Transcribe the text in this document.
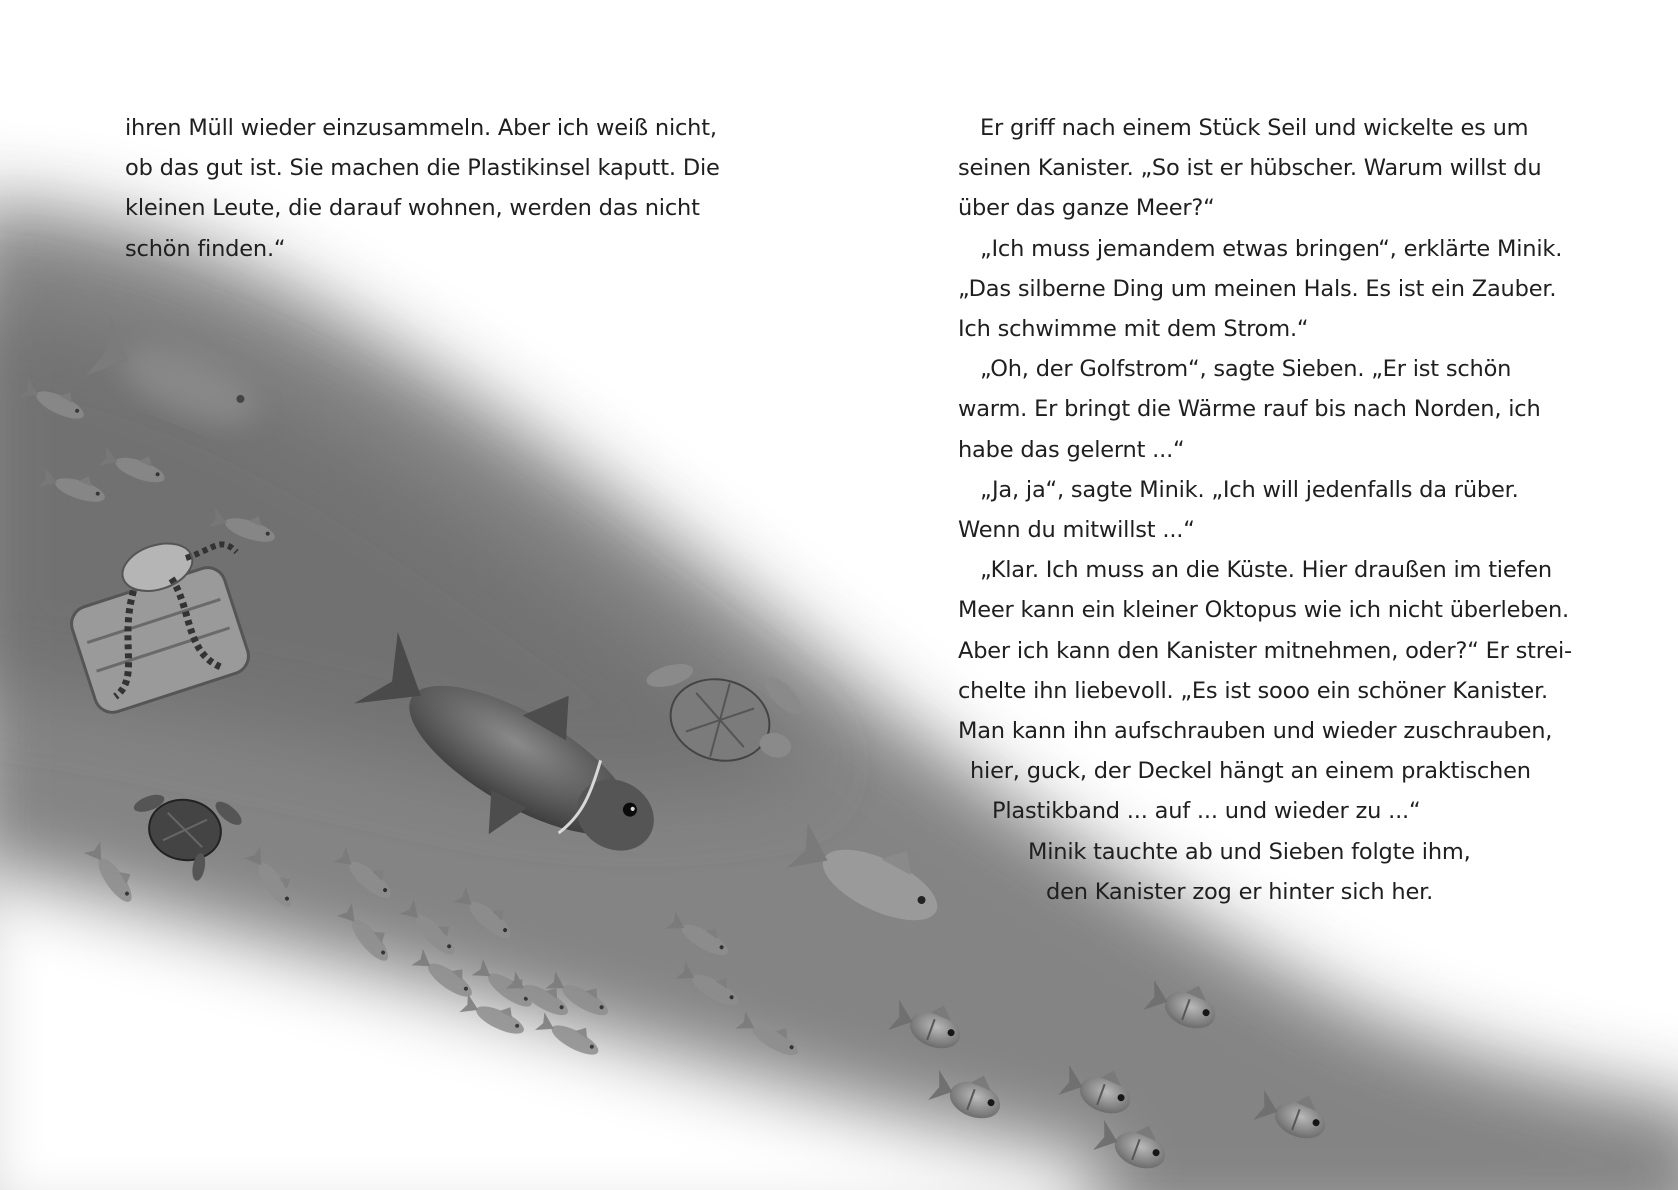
ihren Müll wieder einzusammeln. Aber ich weiß nicht,
ob das gut ist. Sie machen die Plastikinsel kaputt. Die
kleinen Leute, die darauf wohnen, werden das nicht
schön finden.“
Er griff nach einem Stück Seil und wickelte es um
seinen Kanister. „So ist er hübscher. Warum willst du
über das ganze Meer?“
„Ich muss jemandem etwas bringen“, erklärte Minik.
„Das silberne Ding um meinen Hals. Es ist ein Zauber.
Ich schwimme mit dem Strom.“
„Oh, der Golfstrom“, sagte Sieben. „Er ist schön
warm. Er bringt die Wärme rauf bis nach Norden, ich
habe das gelernt ...“
„Ja, ja“, sagte Minik. „Ich will jedenfalls da rüber.
Wenn du mitwillst ...“
„Klar. Ich muss an die Küste. Hier draußen im tiefen
Meer kann ein kleiner Oktopus wie ich nicht überleben.
Aber ich kann den Kanister mitnehmen, oder?“ Er strei-
chelte ihn liebevoll. „Es ist sooo ein schöner Kanister.
Man kann ihn aufschrauben und wieder zuschrauben,
hier, guck, der Deckel hängt an einem praktischen
Plastikband ... auf ... und wieder zu ...“
Minik tauchte ab und Sieben folgte ihm,
den Kanister zog er hinter sich her.
